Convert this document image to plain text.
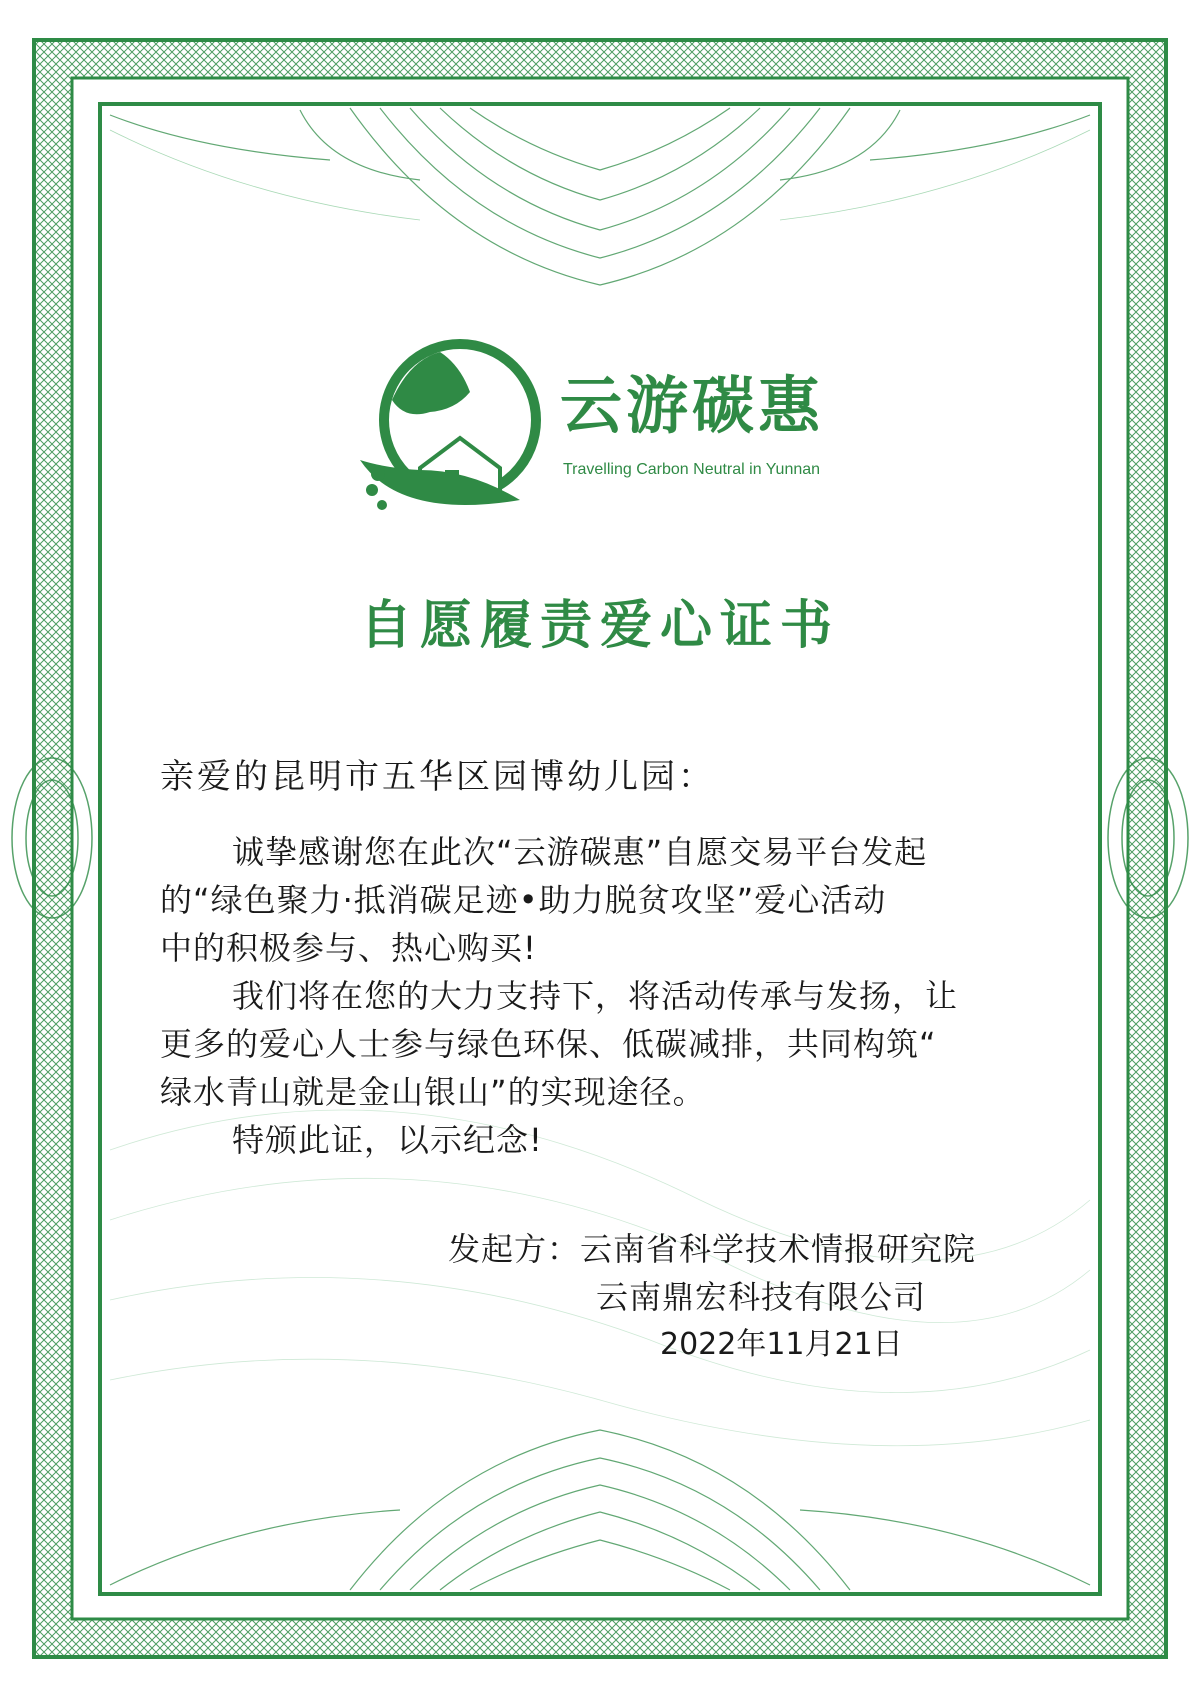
云游碳惠
Travelling Carbon Neutral in Yunnan
自愿履责爱心证书
亲爱的昆明市五华区园博幼儿园：

诚挚感谢您在此次“云游碳惠”自愿交易平台发起

的“绿色聚力·抵消碳足迹•助力脱贫攻坚”爱心活动

中的积极参与、热心购买!

我们将在您的大力支持下，将活动传承与发扬，让

更多的爱心人士参与绿色环保、低碳减排，共同构筑“

绿水青山就是金山银山”的实现途径。

特颁此证，以示纪念!

发起方：云南省科学技术情报研究院
云南鼎宏科技有限公司
2022年11月21日
